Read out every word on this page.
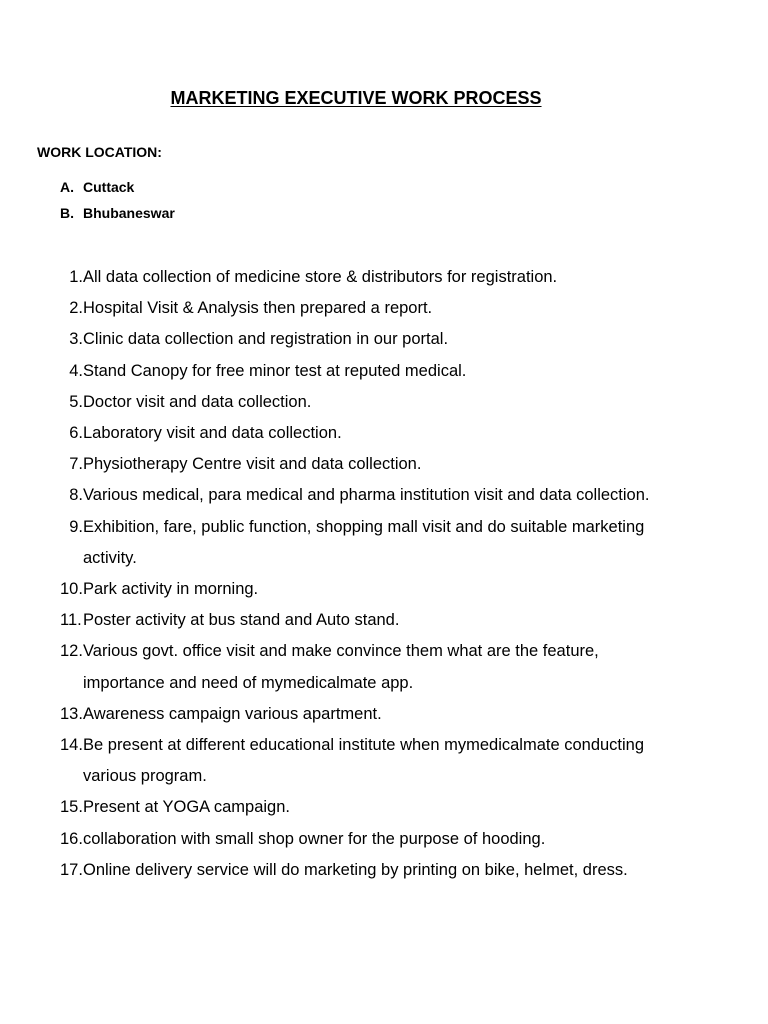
MARKETING EXECUTIVE WORK PROCESS
WORK LOCATION:
A. Cuttack
B. Bhubaneswar
1. All data collection of medicine store & distributors for registration.
2. Hospital Visit & Analysis then prepared a report.
3. Clinic data collection and registration in our portal.
4. Stand Canopy for free minor test at reputed medical.
5. Doctor visit and data collection.
6. Laboratory visit and data collection.
7. Physiotherapy Centre visit and data collection.
8. Various medical, para medical and pharma institution visit and data collection.
9. Exhibition, fare, public function, shopping mall visit and do suitable marketing activity.
10. Park activity in morning.
11. Poster activity at bus stand and Auto stand.
12. Various govt. office visit and make convince them what are the feature, importance and need of mymedicalmate app.
13. Awareness campaign various apartment.
14. Be present at different educational institute when mymedicalmate conducting various program.
15. Present at YOGA campaign.
16. collaboration with small shop owner for the purpose of hooding.
17. Online delivery service will do marketing by printing on bike, helmet, dress.
